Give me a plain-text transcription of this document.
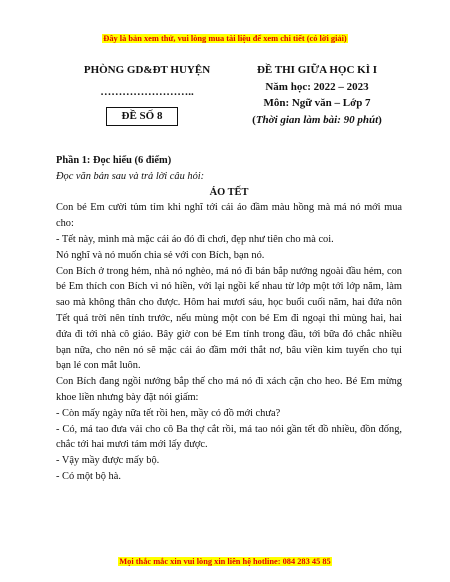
Đây là bản xem thử, vui lòng mua tài liệu để xem chi tiết (có lời giải)
PHÒNG GD&ĐT HUYỆN
……………………..
ĐỀ SỐ 8
ĐỀ THI GIỮA HỌC KÌ I
Năm học: 2022 – 2023
Môn: Ngữ văn – Lớp 7
(Thời gian làm bài: 90 phút)

Phần 1: Đọc hiểu (6 điểm)

Đọc văn bản sau và trả lời câu hỏi:

ÁO TẾT

Con bé Em cười tủm tỉm khi nghĩ tới cái áo đầm màu hồng mà má nó mới mua cho:

- Tết này, mình mà mặc cái áo đó đi chơi, đẹp như tiên cho mà coi.

Nó nghĩ và nó muốn chia sẻ với con Bích, bạn nó.

Con Bích ở trong hẻm, nhà nó nghèo, má nó đi bán bắp nướng ngoài đầu hẻm, con bé Em thích con Bích vì nó hiền, với lại ngồi kế nhau từ lớp một tới lớp năm, làm sao mà không thân cho được. Hôm hai mươi sáu, học buổi cuối năm, hai đứa nôn Tết quá trời nên tính trước, nếu mùng một con bé Em đi ngoại thì mùng hai, hai đứa đi tới nhà cô giáo. Bây giờ con bé Em tính trong đầu, tới bữa đó chắc nhiều bạn nữa, cho nên nó sẽ mặc cái áo đầm mới thắt nơ, bâu viền kim tuyến cho tụi bạn lé con mắt luôn.

Con Bích đang ngồi nướng bắp thế cho má nó đi xách cặn cho heo. Bé Em mừng khoe liền nhưng bày đặt nói giấm:

- Còn mấy ngày nữa tết rồi hen, mầy có đồ mới chưa?

- Có, má tao đưa vải cho cô Ba thợ cắt rồi, má tao nói gần tết đồ nhiều, đồn đống, chắc tới hai mươi tám mới lấy được.

- Vậy mầy được mấy bộ.

- Có một bộ hà.

Mọi thắc mắc xin vui lòng xin liên hệ hotline: 084 283 45 85
